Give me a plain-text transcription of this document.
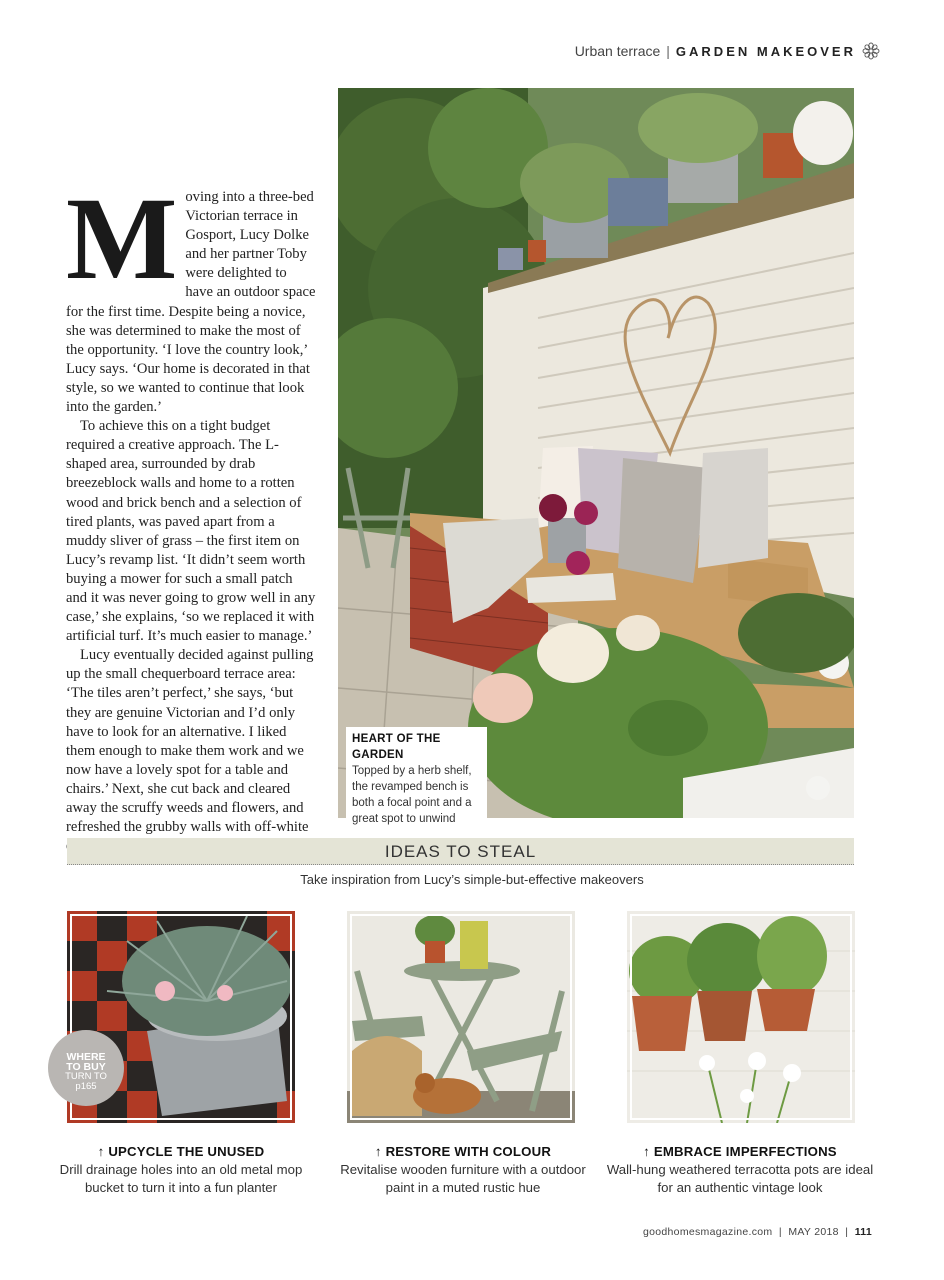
Urban terrace | GARDEN MAKEOVER

Moving into a three-bed Victorian terrace in Gosport, Lucy Dolke and her partner Toby were delighted to have an outdoor space for the first time. Despite being a novice, she was determined to make the most of the opportunity. ‘I love the country look,’ Lucy says. ‘Our home is decorated in that style, so we wanted to continue that look into the garden.’

To achieve this on a tight budget required a creative approach. The L-shaped area, surrounded by drab breezeblock walls and home to a rotten wood and brick bench and a selection of tired plants, was paved apart from a muddy sliver of grass – the first item on Lucy’s revamp list. ‘It didn’t seem worth buying a mower for such a small patch and it was never going to grow well in any case,’ she explains, ‘so we replaced it with artificial turf. It’s much easier to manage.’

Lucy eventually decided against pulling up the small chequerboard terrace area: ‘The tiles aren’t perfect,’ she says, ‘but they are genuine Victorian and I’d only have to look for an alternative. I liked them enough to make them work and we now have a lovely spot for a table and chairs.’ Next, she cut back and cleared away the scruffy weeds and flowers, and refreshed the grubby walls with off-white

HEART OF THE GARDEN
Topped by a herb shelf, the revamped bench is both a focal point and a great spot to unwind
IDEAS TO STEAL
Take inspiration from Lucy’s simple-but-effective makeovers
WHERE
TO BUY
TURN TO
p165
↑ UPCYCLE THE UNUSED
Drill drainage holes into an old metal mop bucket to turn it into a fun planter
↑ RESTORE WITH COLOUR
Revitalise wooden furniture with a outdoor paint in a muted rustic hue
↑ EMBRACE IMPERFECTIONS
Wall-hung weathered terracotta pots are ideal for an authentic vintage look
goodhomesmagazine.com | MAY 2018 | 111
